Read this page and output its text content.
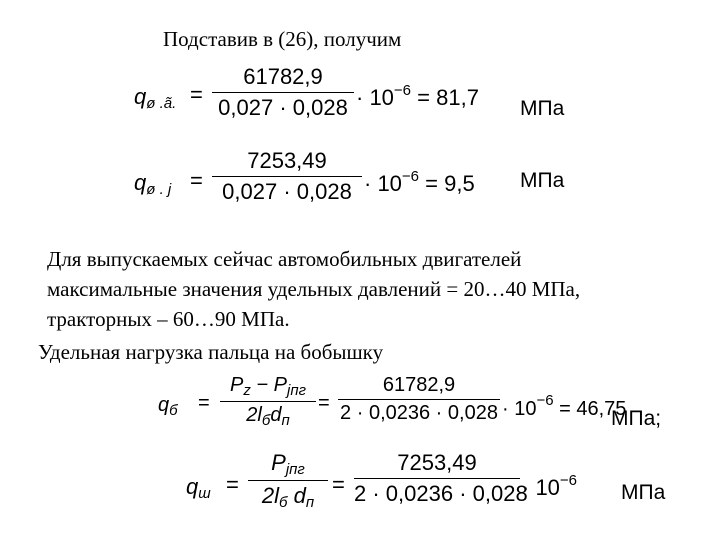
Подставив в (26), получим
$q_{ø .ã.}$ =
61782,9
$0,027 \cdot 0,028 \cdot 10^{-6} = 81,7$ МПа
$q_{ø . j}$ =
7253,49
$0,027 \cdot 0,028 \cdot 10^{-6} = 9,5$ МПа
Для выпускаемых сейчас автомобильных двигателей
максимальные значения удельных давлений = 20…40 МПа,
тракторных – 60…90 МПа.
Удельная нагрузка пальца на бобышку
$q_б$ =
$P_z - P_{jпг}$
$2l_бd_п$
=
61782,9
$2 \cdot 0,0236 \cdot 0,028 \cdot 10^{-6} = 46,75$
МПа;
$q_ш$ =
$P_{jпг}$
$2l_б$ $d_п$
=
7253,49
2 · 0,0236 · 0,028
· $10^{-6}$
МПа
